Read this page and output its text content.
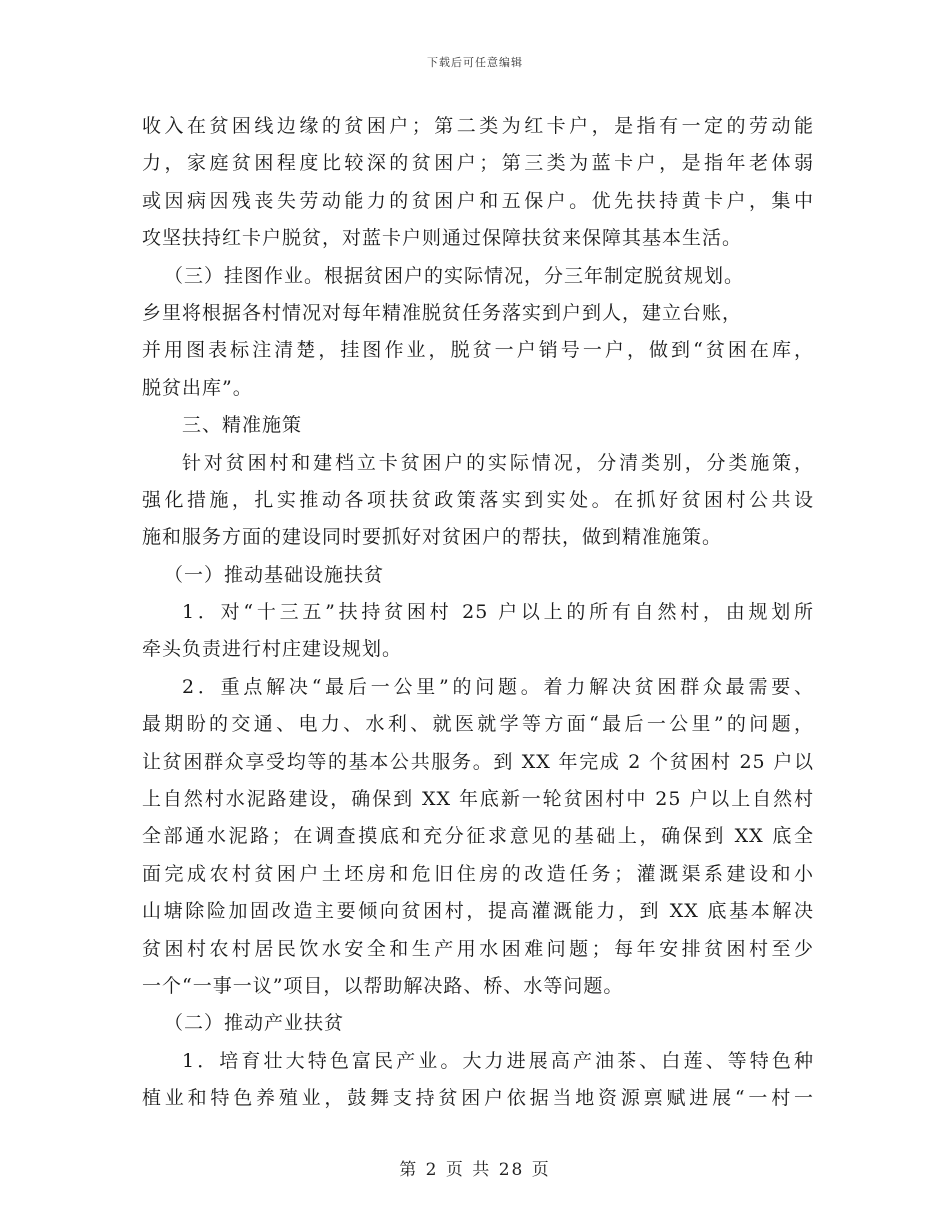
下载后可任意编辑
收入在贫困线边缘的贫困户；第二类为红卡户，是指有一定的劳动能
力，家庭贫困程度比较深的贫困户；第三类为蓝卡户，是指年老体弱
或因病因残丧失劳动能力的贫困户和五保户。优先扶持黄卡户，集中
攻坚扶持红卡户脱贫，对蓝卡户则通过保障扶贫来保障其基本生活。
（三）挂图作业。根据贫困户的实际情况，分三年制定脱贫规划。
乡里将根据各村情况对每年精准脱贫任务落实到户到人，建立台账，
并用图表标注清楚，挂图作业，脱贫一户销号一户，做到“贫困在库，
脱贫出库”。
三、精准施策
针对贫困村和建档立卡贫困户的实际情况，分清类别，分类施策，
强化措施，扎实推动各项扶贫政策落实到实处。在抓好贫困村公共设
施和服务方面的建设同时要抓好对贫困户的帮扶，做到精准施策。
（一）推动基础设施扶贫
1．对“十三五”扶持贫困村 25 户以上的所有自然村，由规划所
牵头负责进行村庄建设规划。
2．重点解决“最后一公里”的问题。着力解决贫困群众最需要、
最期盼的交通、电力、水利、就医就学等方面“最后一公里”的问题，
让贫困群众享受均等的基本公共服务。到 XX 年完成 2 个贫困村 25 户以
上自然村水泥路建设，确保到 XX 年底新一轮贫困村中 25 户以上自然村
全部通水泥路；在调查摸底和充分征求意见的基础上，确保到 XX 底全
面完成农村贫困户土坯房和危旧住房的改造任务；灌溉渠系建设和小
山塘除险加固改造主要倾向贫困村，提高灌溉能力，到 XX 底基本解决
贫困村农村居民饮水安全和生产用水困难问题；每年安排贫困村至少
一个“一事一议”项目，以帮助解决路、桥、水等问题。
（二）推动产业扶贫
1．培育壮大特色富民产业。大力进展高产油茶、白莲、等特色种
植业和特色养殖业，鼓舞支持贫困户依据当地资源禀赋进展“一村一
第 2 页 共 28 页
